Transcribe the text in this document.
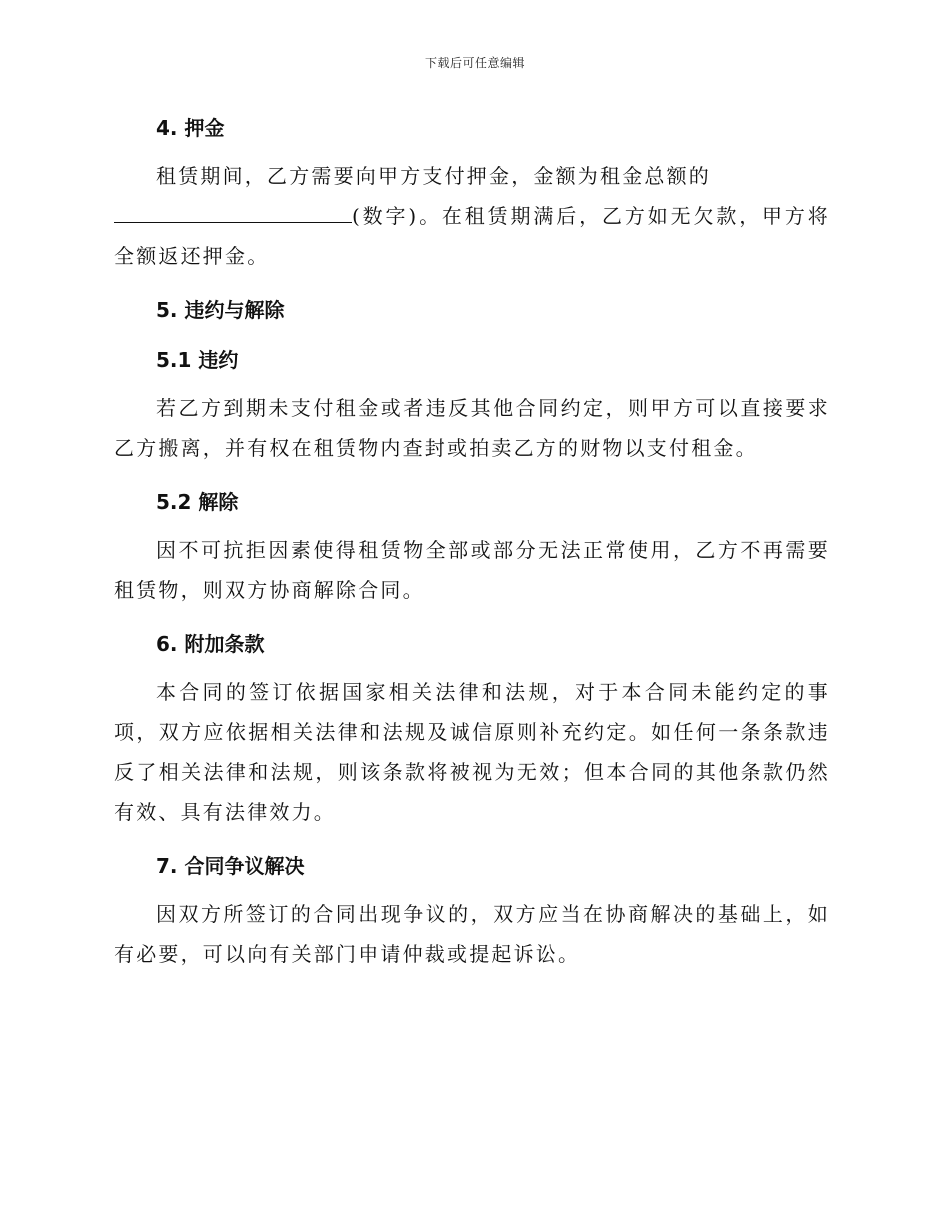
下载后可任意编辑
4. 押金

租赁期间，乙方需要向甲方支付押金，金额为租金总额的
(数字)。在租赁期满后，乙方如无欠款，甲方将全额返还押金。

5. 违约与解除
5.1 违约

若乙方到期未支付租金或者违反其他合同约定，则甲方可以直接要求乙方搬离，并有权在租赁物内查封或拍卖乙方的财物以支付租金。

5.2 解除

因不可抗拒因素使得租赁物全部或部分无法正常使用，乙方不再需要租赁物，则双方协商解除合同。

6. 附加条款

本合同的签订依据国家相关法律和法规，对于本合同未能约定的事项，双方应依据相关法律和法规及诚信原则补充约定。如任何一条条款违反了相关法律和法规，则该条款将被视为无效；但本合同的其他条款仍然有效、具有法律效力。

7. 合同争议解决

因双方所签订的合同出现争议的，双方应当在协商解决的基础上，如有必要，可以向有关部门申请仲裁或提起诉讼。
